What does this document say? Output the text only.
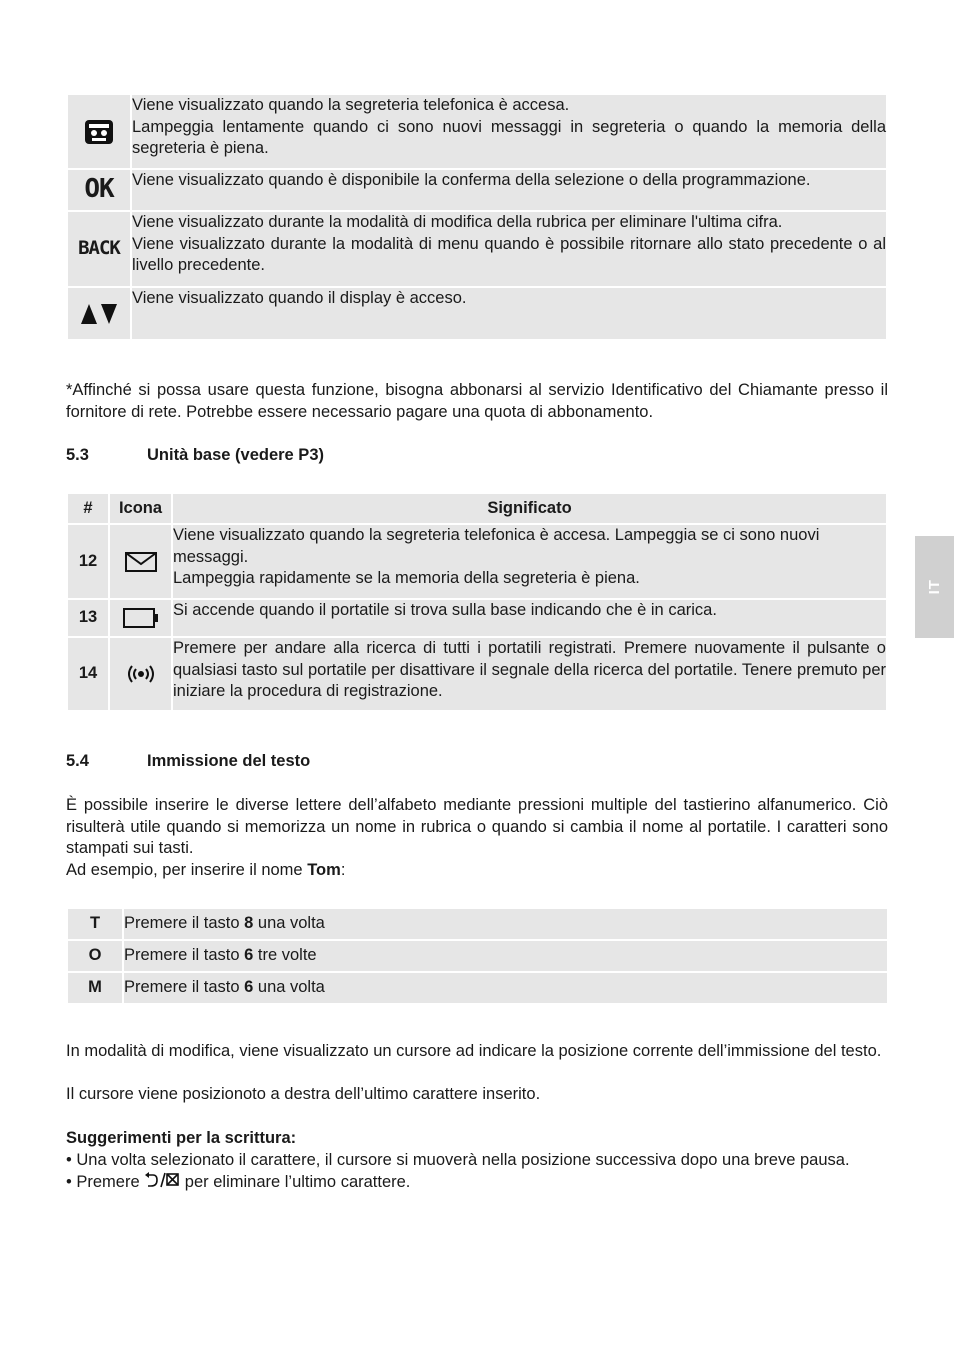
Viene visualizzato quando la segreteria telefonica è accesa.

Lampeggia lentamente quando ci sono nuovi messaggi in segreteria o quando la memoria della segreteria è piena.

OK	Viene visualizzato quando è disponibile la conferma della selezione o della programmazione.

BACK	Viene visualizzato durante la modalità di modifica della rubrica per eliminare l'ultima cifra.

Viene visualizzato durante la modalità di menu quando è possibile ritornare allo stato precedente o al livello precedente.

Viene visualizzato quando il display è acceso.

*Affinché si possa usare questa funzione, bisogna abbonarsi al servizio Identificativo del Chiamante presso il fornitore di rete. Potrebbe essere necessario pagare una quota di abbonamento.

5.3	Unità base (vedere P3)
#	Icona	Significato
12		Viene visualizzato quando la segreteria telefonica è accesa. Lampeggia se ci sono nuovi messaggi.

Lampeggia rapidamente se la memoria della segreteria è piena.

13		Si accende quando il portatile si trova sulla base indicando che è in carica.

14		Premere per andare alla ricerca di tutti i portatili registrati. Premere nuovamente il pulsante o qualsiasi tasto sul portatile per disattivare il segnale della ricerca del portatile. Tenere premuto per iniziare la procedura di registrazione.

5.4	Immissione del testo

È possibile inserire le diverse lettere dell’alfabeto mediante pressioni multiple del tastierino alfanumerico. Ciò risulterà utile quando si memorizza un nome in rubrica o quando si cambia il nome al portatile. I caratteri sono stampati sui tasti.

Ad esempio, per inserire il nome Tom:

T	Premere il tasto 8 una volta
O	Premere il tasto 6 tre volte
M	Premere il tasto 6 una volta

In modalità di modifica, viene visualizzato un cursore ad indicare la posizione corrente dell’immissione del testo.

Il cursore viene posizionoto a destra dell’ultimo carattere inserito.

Suggerimenti per la scrittura:

• Una volta selezionato il carattere, il cursore si muoverà nella posizione successiva dopo una breve pausa.

• Premere  per eliminare l’ultimo carattere.

IT
